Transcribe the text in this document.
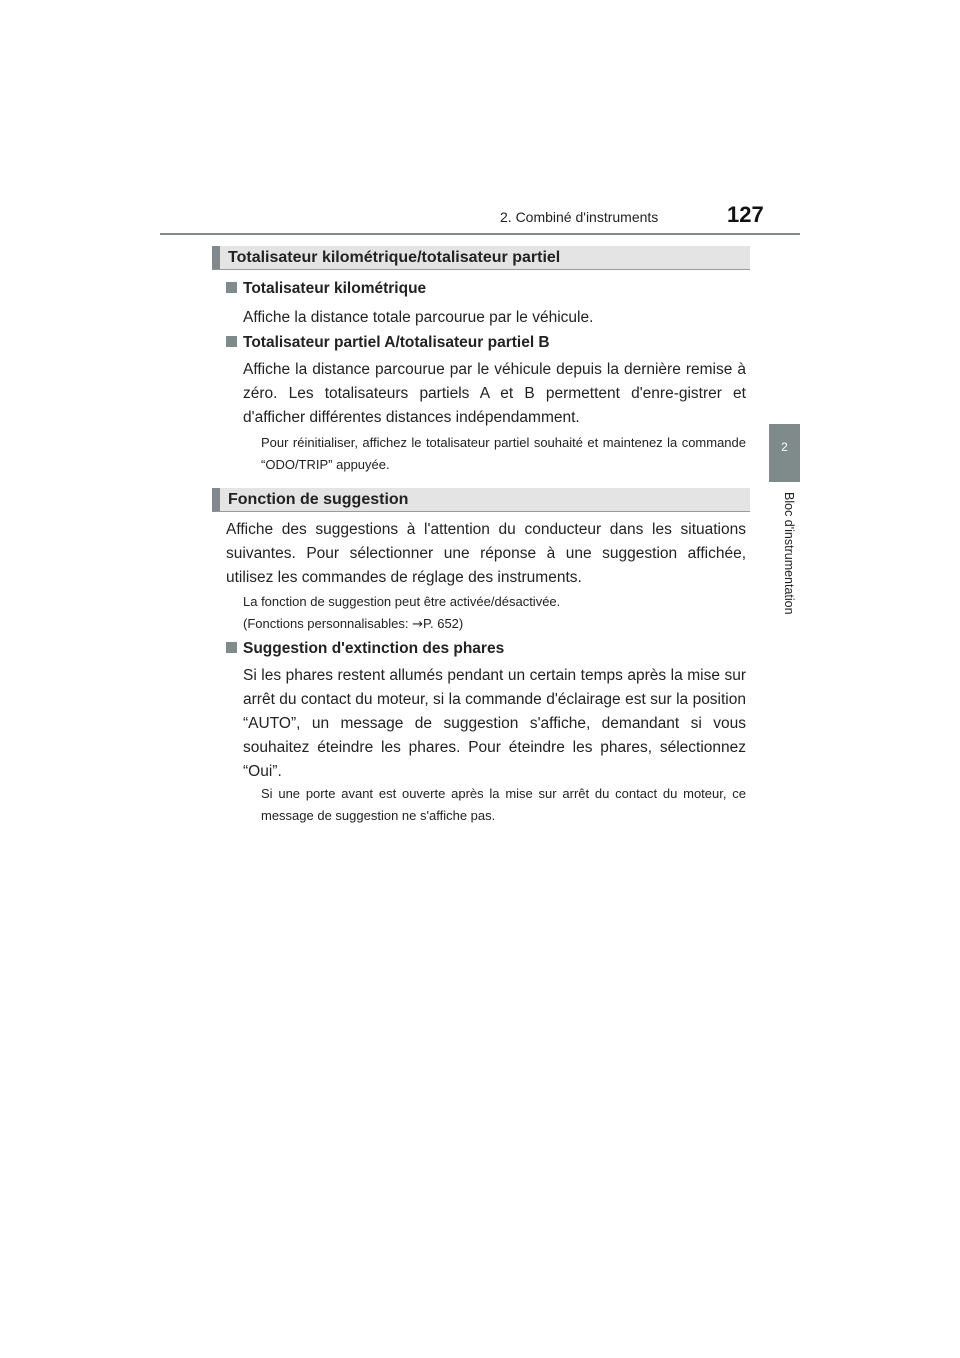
2. Combiné d'instruments	127
2
Bloc d'instrumentation
Totalisateur kilométrique/totalisateur partiel
Totalisateur kilométrique
Affiche la distance totale parcourue par le véhicule.
Totalisateur partiel A/totalisateur partiel B
Affiche la distance parcourue par le véhicule depuis la dernière remise à zéro. Les totalisateurs partiels A et B permettent d'enre-gistrer et d'afficher différentes distances indépendamment.
Pour réinitialiser, affichez le totalisateur partiel souhaité et maintenez la commande “ODO/TRIP” appuyée.
Fonction de suggestion
Affiche des suggestions à l'attention du conducteur dans les situations suivantes. Pour sélectionner une réponse à une suggestion affichée, utilisez les commandes de réglage des instruments.
La fonction de suggestion peut être activée/désactivée.
(Fonctions personnalisables: →P. 652)
Suggestion d'extinction des phares
Si les phares restent allumés pendant un certain temps après la mise sur arrêt du contact du moteur, si la commande d'éclairage est sur la position “AUTO”, un message de suggestion s'affiche, demandant si vous souhaitez éteindre les phares. Pour éteindre les phares, sélectionnez “Oui”.
Si une porte avant est ouverte après la mise sur arrêt du contact du moteur, ce message de suggestion ne s'affiche pas.
